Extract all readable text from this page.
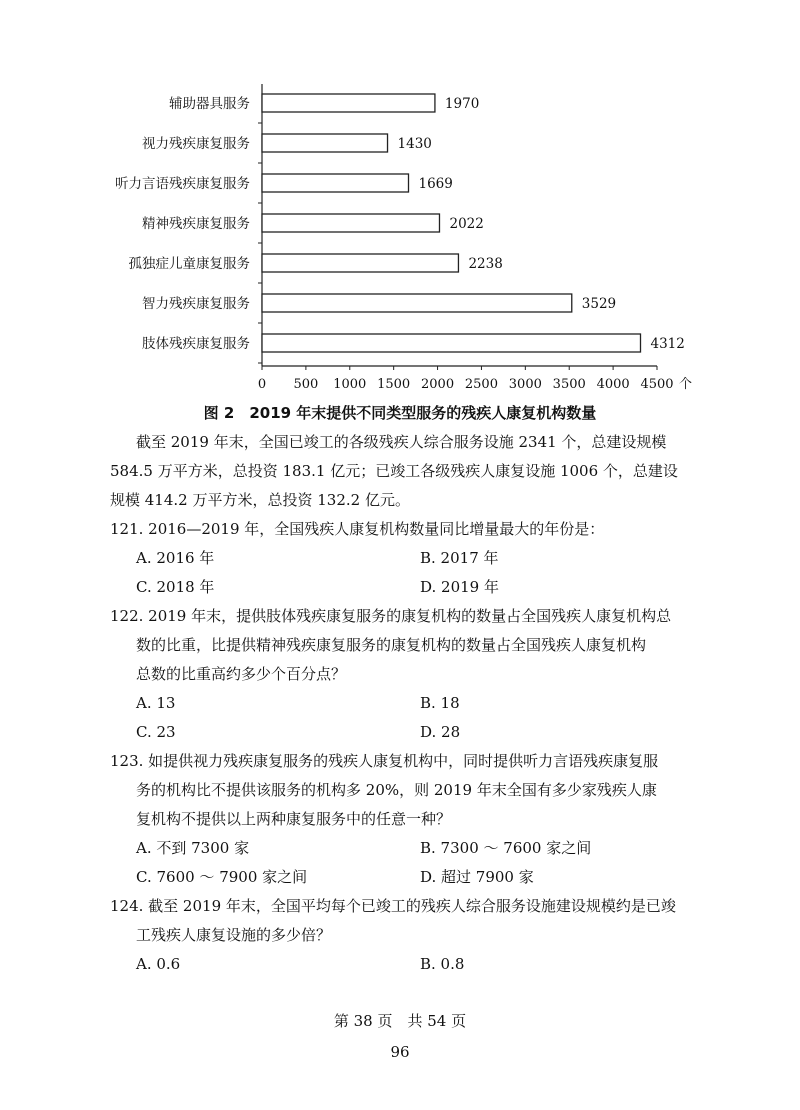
0 500 1000 1500 2000 2500 3000 3500 4000 4500 个
辅助器具服务	1970
视力残疾康复服务	1430
听力言语残疾康复服务	1669
精神残疾康复服务	2022
孤独症儿童康复服务	2238
智力残疾康复服务	3529
肢体残疾康复服务	4312
图 2　2019 年末提供不同类型服务的残疾人康复机构数量

截至 2019 年末，全国已竣工的各级残疾人综合服务设施 2341 个，总建设规模
584.5 万平方米，总投资 183.1 亿元；已竣工各级残疾人康复设施 1006 个，总建设
规模 414.2 万平方米，总投资 132.2 亿元。

121. 2016—2019 年，全国残疾人康复机构数量同比增量最大的年份是：
A. 2016 年	B. 2017 年
C. 2018 年	D. 2019 年
122. 2019 年末，提供肢体残疾康复服务的康复机构的数量占全国残疾人康复机构总
数的比重，比提供精神残疾康复服务的康复机构的数量占全国残疾人康复机构
总数的比重高约多少个百分点？
A. 13	B. 18
C. 23	D. 28
123. 如提供视力残疾康复服务的残疾人康复机构中，同时提供听力言语残疾康复服
务的机构比不提供该服务的机构多 20%，则 2019 年末全国有多少家残疾人康
复机构不提供以上两种康复服务中的任意一种？
A. 不到 7300 家	B. 7300 ～ 7600 家之间
C. 7600 ～ 7900 家之间	D. 超过 7900 家
124. 截至 2019 年末，全国平均每个已竣工的残疾人综合服务设施建设规模约是已竣
工残疾人康复设施的多少倍？
A. 0.6	B. 0.8
第 38 页　共 54 页
96
